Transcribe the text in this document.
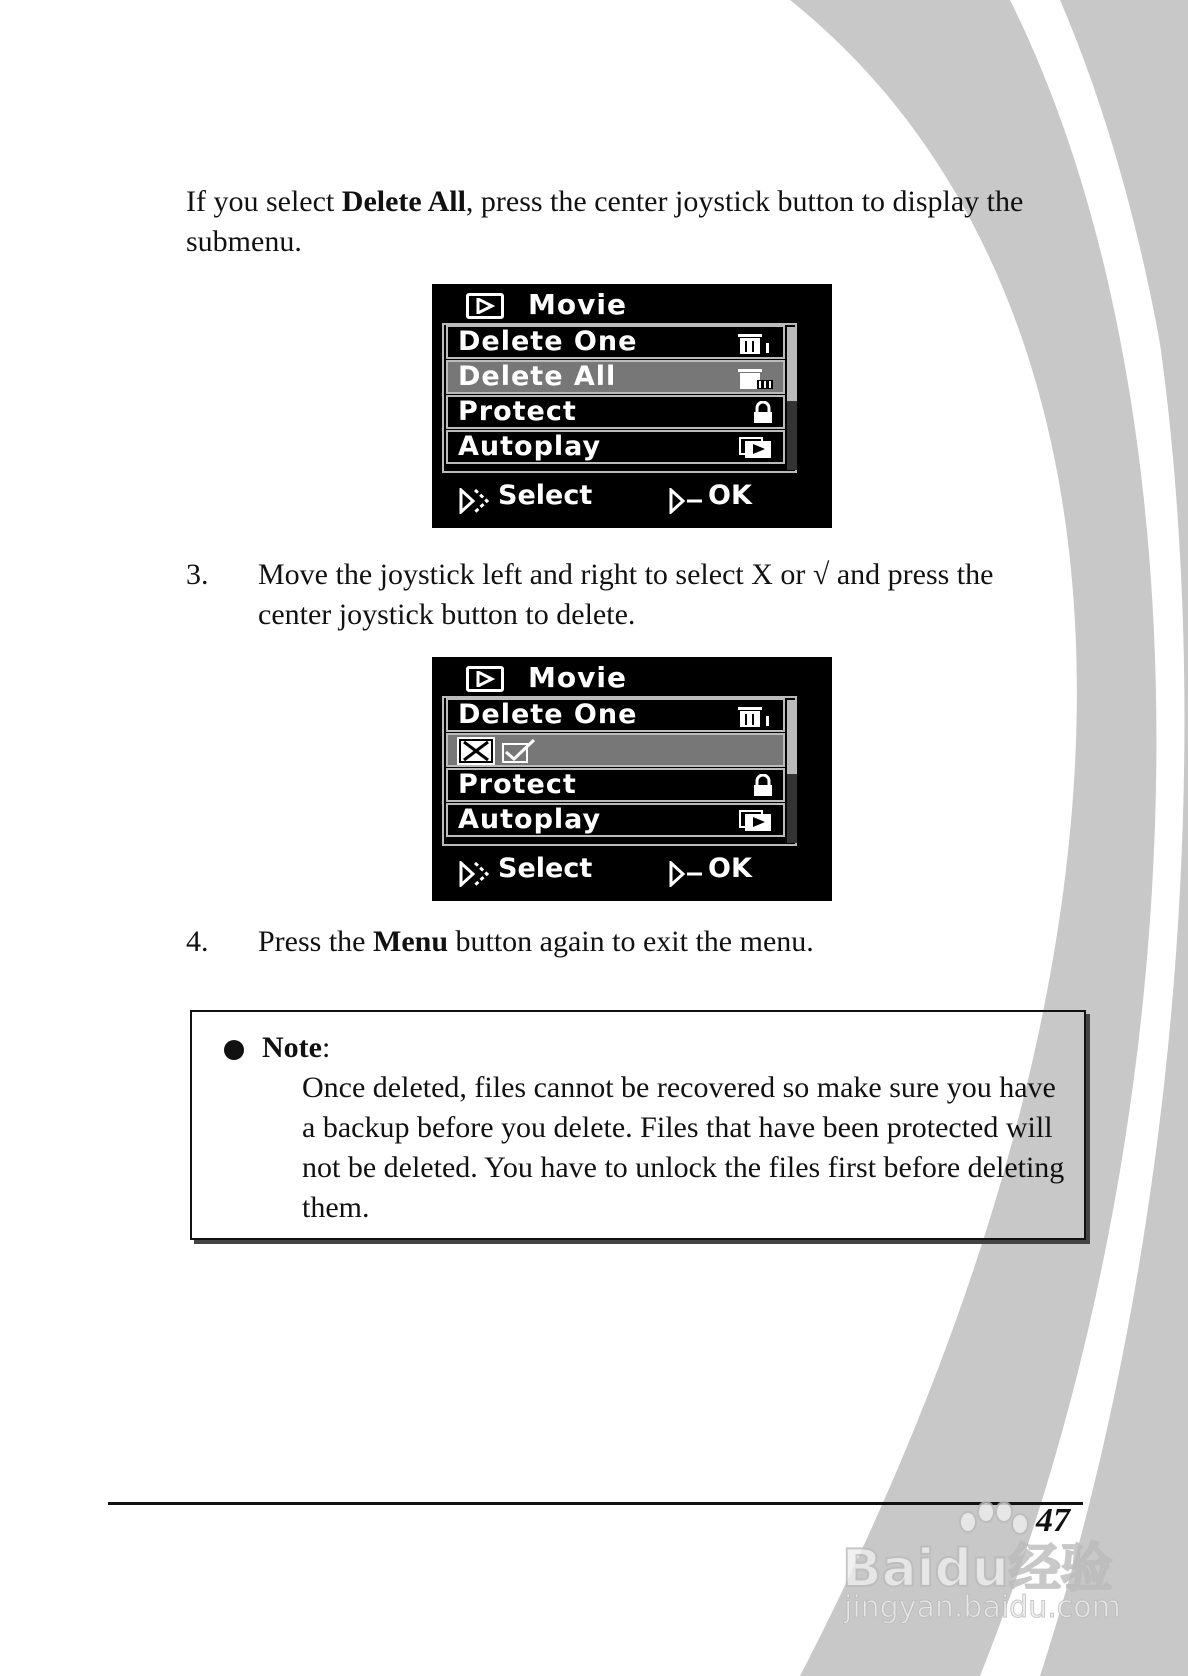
If you select Delete All, press the center joystick button to display the submenu.

Movie
Delete One
Delete All
Protect
Autoplay
Select	OK
3. Move the joystick left and right to select X or √ and press the center joystick button to delete.
Movie
Delete One
Protect
Autoplay
Select	OK
4. Press the Menu button again to exit the menu.
Note:

Once deleted, files cannot be recovered so make sure you have a backup before you delete. Files that have been protected will not be deleted. You have to unlock the files first before deleting them.

47
Baidu经验
jingyan.baidu.com
